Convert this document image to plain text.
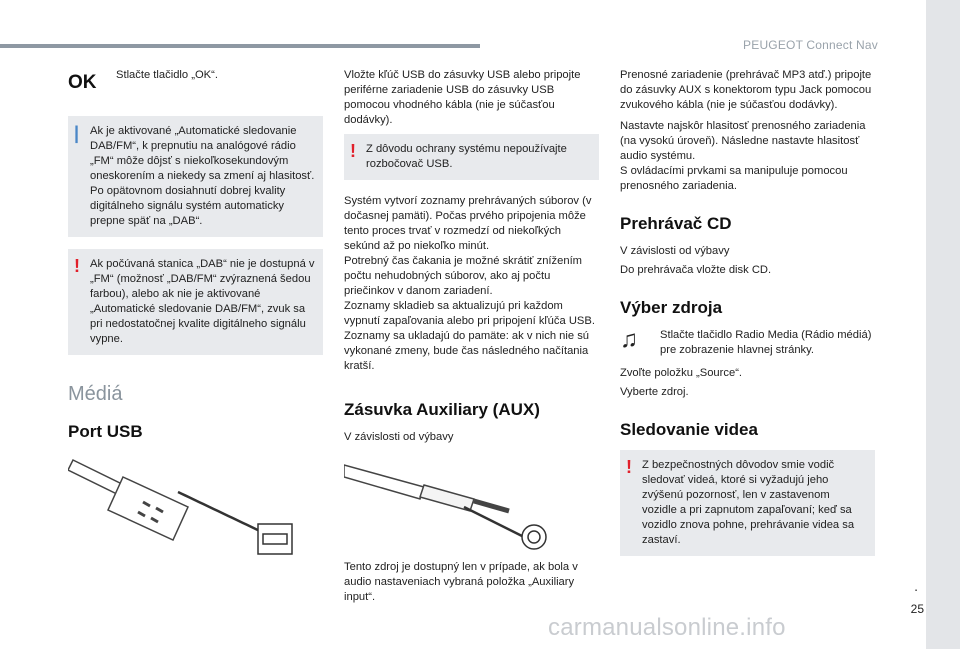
PEUGEOT Connect Nav
.
25
OK	Stlačte tlačidlo „OK“.
| Ak je aktivované „Automatické sledovanie DAB/FM“, k prepnutiu na analógové rádio „FM“ môže dôjsť s niekoľkosekundovým oneskorením a niekedy sa zmení aj hlasitosť.
Po opätovnom dosiahnutí dobrej kvality digitálneho signálu systém automaticky prepne späť na „DAB“.

! Ak počúvaná stanica „DAB“ nie je dostupná v „FM“ (možnosť „DAB/FM“ zvýraznená šedou farbou), alebo ak nie je aktivované „Automatické sledovanie DAB/FM“, zvuk sa pri nedostatočnej kvalite digitálneho signálu vypne.

Médiá
Port USB

Vložte kľúč USB do zásuvky USB alebo pripojte periférne zariadenie USB do zásuvky USB pomocou vhodného kábla (nie je súčasťou dodávky).

! Z dôvodu ochrany systému nepoužívajte rozbočovač USB.

Systém vytvorí zoznamy prehrávaných súborov (v dočasnej pamäti). Počas prvého pripojenia môže tento proces trvať v rozmedzí od niekoľkých sekúnd až po niekoľko minút.
Potrebný čas čakania je možné skrátiť znížením počtu nehudobných súborov, ako aj počtu priečinkov v danom zariadení.
Zoznamy skladieb sa aktualizujú pri každom vypnutí zapaľovania alebo pri pripojení kľúča USB. Zoznamy sa ukladajú do pamäte: ak v nich nie sú vykonané zmeny, bude čas následného načítania kratší.

Zásuvka Auxiliary (AUX)

V závislosti od výbavy

Tento zdroj je dostupný len v prípade, ak bola v audio nastaveniach vybraná položka „Auxiliary input“.

Prenosné zariadenie (prehrávač MP3 atď.) pripojte do zásuvky AUX s konektorom typu Jack pomocou zvukového kábla (nie je súčasťou dodávky).

Nastavte najskôr hlasitosť prenosného zariadenia (na vysokú úroveň). Následne nastavte hlasitosť audio systému.
S ovládacími prvkami sa manipuluje pomocou prenosného zariadenia.

Prehrávač CD

V závislosti od výbavy

Do prehrávača vložte disk CD.

Výber zdroja
♫	Stlačte tlačidlo Radio Media (Rádio médiá) pre zobrazenie hlavnej stránky.

Zvoľte položku „Source“.

Vyberte zdroj.

Sledovanie videa
! Z bezpečnostných dôvodov smie vodič sledovať videá, ktoré si vyžadujú jeho zvýšenú pozornosť, len v zastavenom vozidle a pri zapnutom zapaľovaní; keď sa vozidlo znova pohne, prehrávanie videa sa zastaví.

carmanualsonline.info
